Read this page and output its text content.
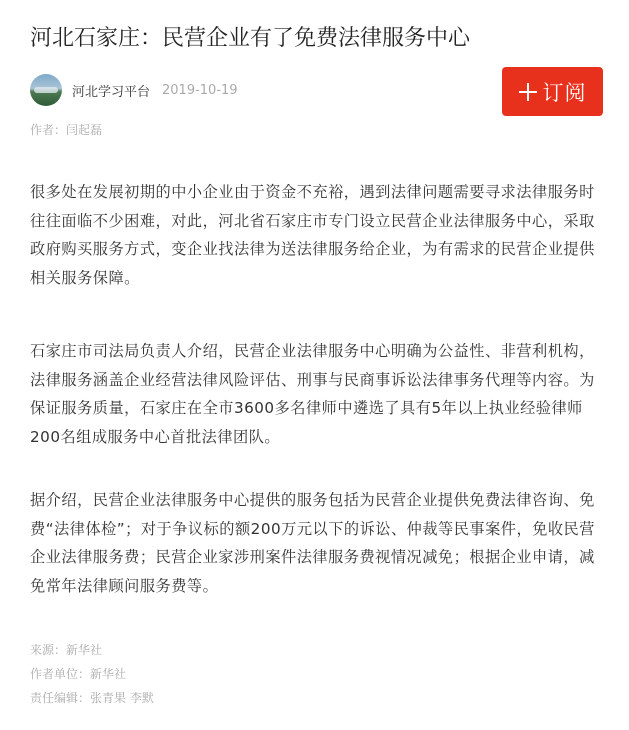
河北石家庄：民营企业有了免费法律服务中心
河北学习平台 2019-10-19	订阅
作者：闫起磊

很多处在发展初期的中小企业由于资金不充裕，遇到法律问题需要寻求法律服务时往往面临不少困难，对此，河北省石家庄市专门设立民营企业法律服务中心，采取政府购买服务方式，变企业找法律为送法律服务给企业，为有需求的民营企业提供相关服务保障。

石家庄市司法局负责人介绍，民营企业法律服务中心明确为公益性、非营利机构，法律服务涵盖企业经营法律风险评估、刑事与民商事诉讼法律事务代理等内容。为保证服务质量，石家庄在全市3600多名律师中遴选了具有5年以上执业经验律师200名组成服务中心首批法律团队。

据介绍，民营企业法律服务中心提供的服务包括为民营企业提供免费法律咨询、免费“法律体检”；对于争议标的额200万元以下的诉讼、仲裁等民事案件，免收民营企业法律服务费；民营企业家涉刑案件法律服务费视情况减免；根据企业申请，减免常年法律顾问服务费等。

来源：新华社
作者单位：新华社
责任编辑：张青果 李默
